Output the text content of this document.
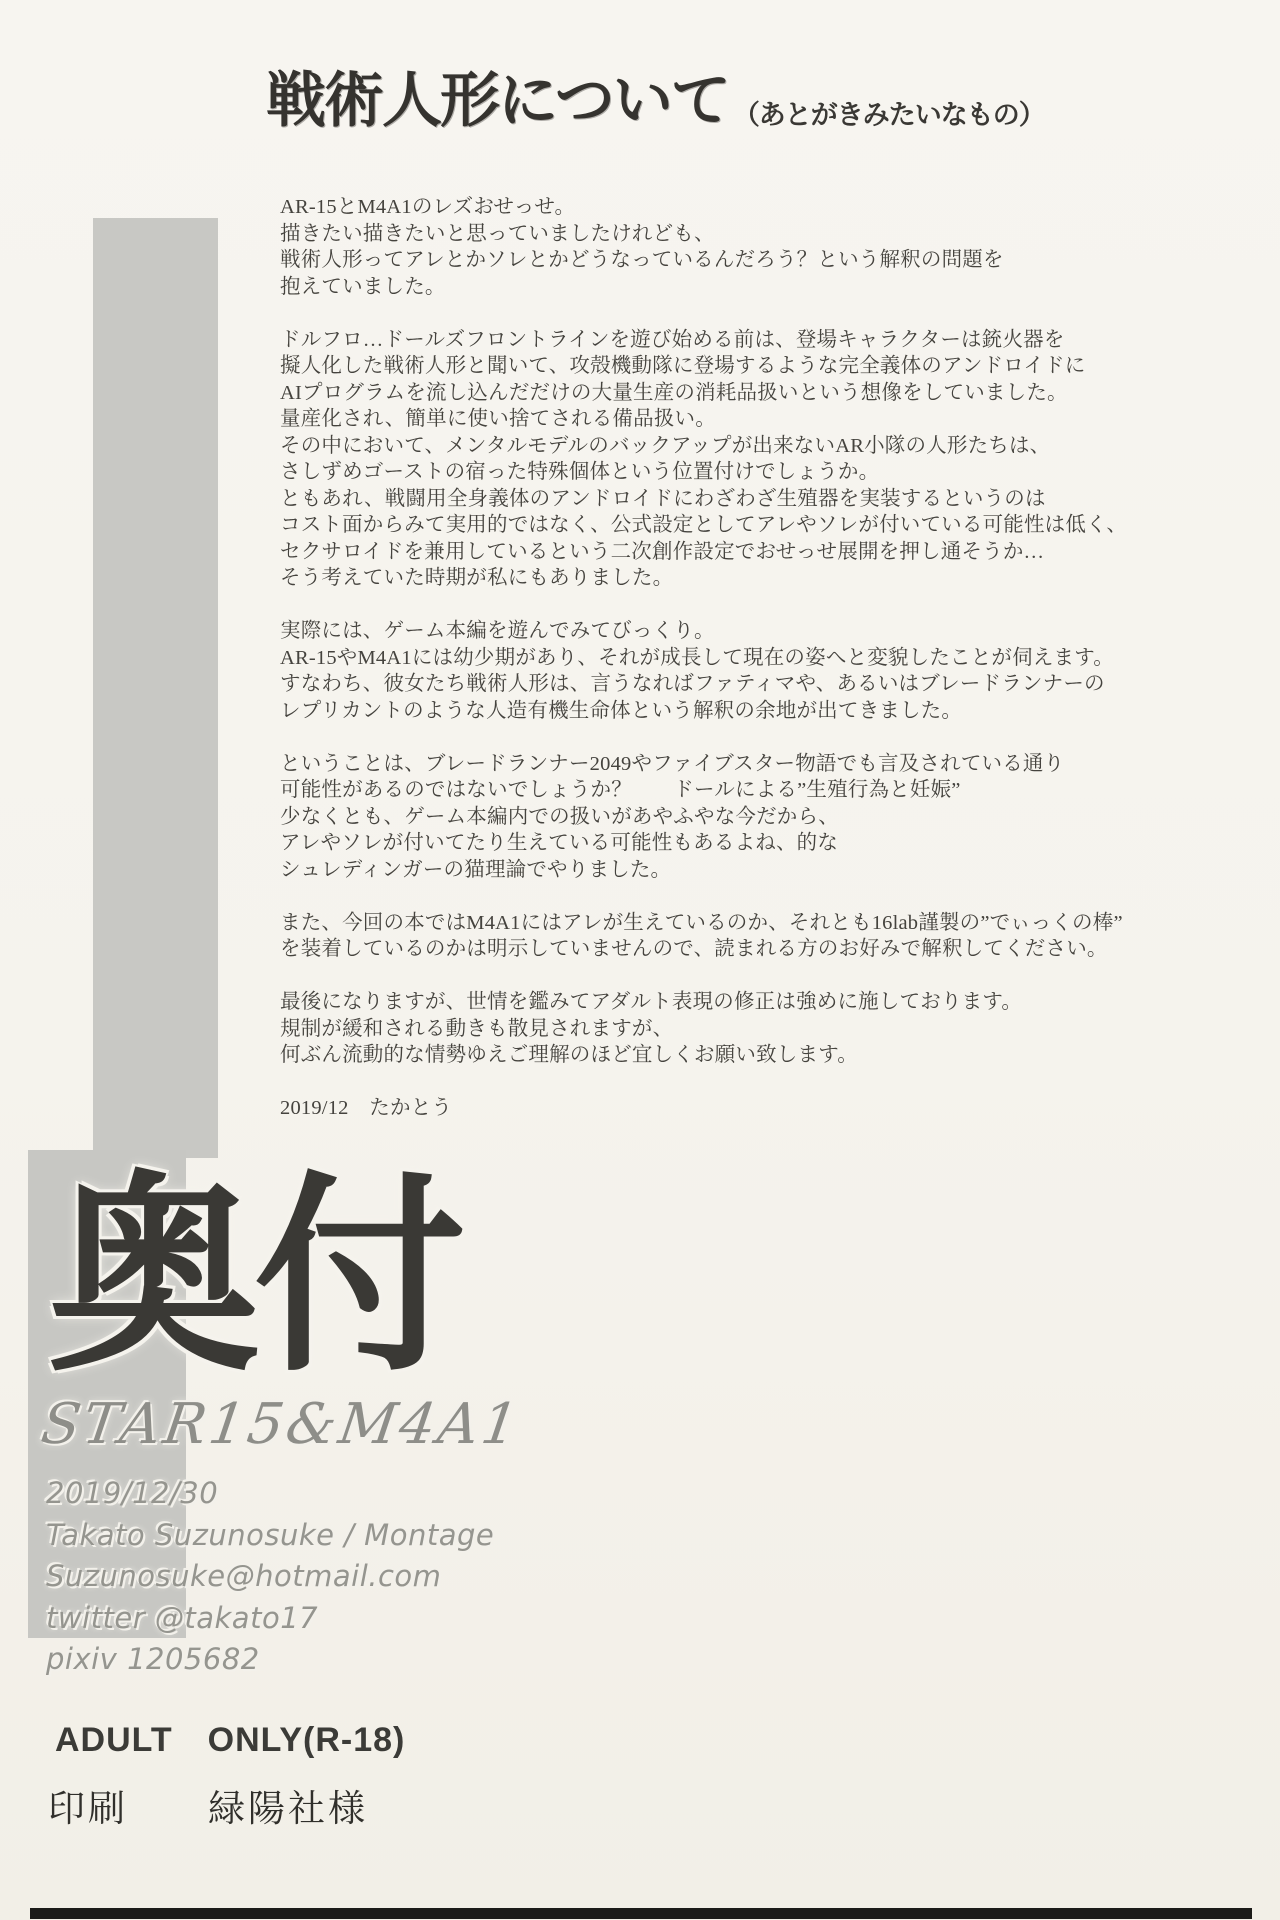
戦術人形について （あとがきみたいなもの）
AR-15とM4A1のレズおせっせ。
描きたい描きたいと思っていましたけれども、
戦術人形ってアレとかソレとかどうなっているんだろう？という解釈の問題を
抱えていました。
ドルフロ…ドールズフロントラインを遊び始める前は、登場キャラクターは銃火器を
擬人化した戦術人形と聞いて、攻殻機動隊に登場するような完全義体のアンドロイドに
AIプログラムを流し込んだだけの大量生産の消耗品扱いという想像をしていました。
量産化され、簡単に使い捨てされる備品扱い。
その中において、メンタルモデルのバックアップが出来ないAR小隊の人形たちは、
さしずめゴーストの宿った特殊個体という位置付けでしょうか。
ともあれ、戦闘用全身義体のアンドロイドにわざわざ生殖器を実装するというのは
コスト面からみて実用的ではなく、公式設定としてアレやソレが付いている可能性は低く、
セクサロイドを兼用しているという二次創作設定でおせっせ展開を押し通そうか…
そう考えていた時期が私にもありました。
実際には、ゲーム本編を遊んでみてびっくり。
AR-15やM4A1には幼少期があり、それが成長して現在の姿へと変貌したことが伺えます。
すなわち、彼女たち戦術人形は、言うなればファティマや、あるいはブレードランナーの
レプリカントのような人造有機生命体という解釈の余地が出てきました。
ということは、ブレードランナー2049やファイブスター物語でも言及されている通り
可能性があるのではないでしょうか？　　ドールによる”生殖行為と妊娠”
少なくとも、ゲーム本編内での扱いがあやふやな今だから、
アレやソレが付いてたり生えている可能性もあるよね、的な
シュレディンガーの猫理論でやりました。
また、今回の本ではM4A1にはアレが生えているのか、それとも16lab謹製の”でぃっくの棒”
を装着しているのかは明示していませんので、読まれる方のお好みで解釈してください。
最後になりますが、世情を鑑みてアダルト表現の修正は強めに施しております。
規制が緩和される動きも散見されますが、
何ぶん流動的な情勢ゆえご理解のほど宜しくお願い致します。
2019/12　たかとう
奥付
STAR15&M4A1
2019/12/30
Takato Suzunosuke / Montage
Suzunosuke@hotmail.com
twitter @takato17
pixiv 1205682
ADULT　ONLY(R-18)
印刷　　緑陽社様
